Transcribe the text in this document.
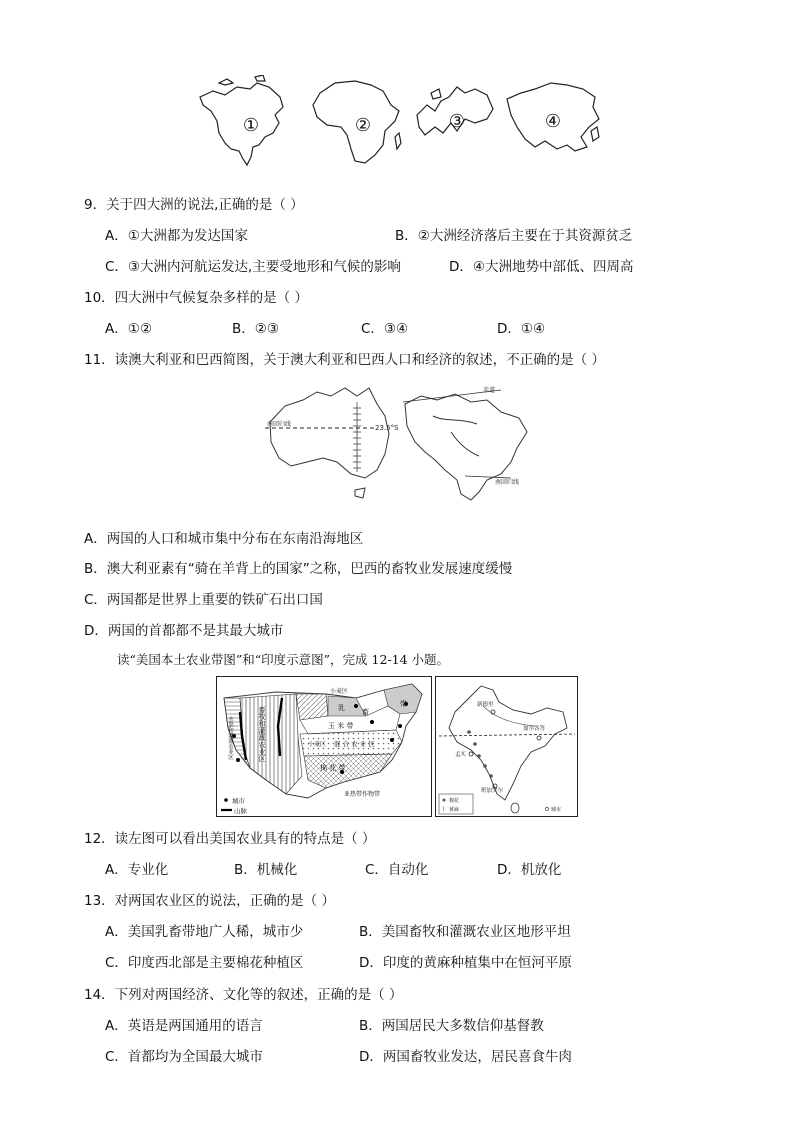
①	②	③	④
9．关于四大洲的说法,正确的是（ ）
A．①大洲都为发达国家	B．②大洲经济落后主要在于其资源贫乏
C．③大洲内河航运发达,主要受地形和气候的影响	D．④大洲地势中部低、四周高
10．四大洲中气候复杂多样的是（ ）
A．①②	B．②③	C．③④	D．①④
11．读澳大利亚和巴西简图，关于澳大利亚和巴西人口和经济的叙述，不正确的是（ ）
南回归线	23.5°S
赤道
南回归线
A．两国的人口和城市集中分布在东南沿海地区
B．澳大利亚素有“骑在羊背上的国家”之称，巴西的畜牧业发展速度缓慢
C．两国都是世界上重要的铁矿石出口国
D．两国的首都都不是其最大城市
读“美国本土农业带图”和“印度示意图”，完成 12-14 小题。
畜牧和灌溉农业区
水果和灌溉农业区
小麦区
乳 畜
带
玉 米 带
小麦区 混 合 农 业 区
棉 花 带
亚热带作物带
城市
山脉
新德里
加尔各答
孟买
班加罗尔
棉花
⌇ 黄麻	城市
12．读左图可以看出美国农业具有的特点是（ ）
A．专业化	B．机械化	C．自动化	D．机放化
13．对两国农业区的说法，正确的是（ ）
A．美国乳畜带地广人稀，城市少	B．美国畜牧和灌溉农业区地形平坦
C．印度西北部是主要棉花种植区	D．印度的黄麻种植集中在恒河平原
14．下列对两国经济、文化等的叙述，正确的是（ ）
A．英语是两国通用的语言	B．两国居民大多数信仰基督教
C．首都均为全国最大城市	D．两国畜牧业发达，居民喜食牛肉
